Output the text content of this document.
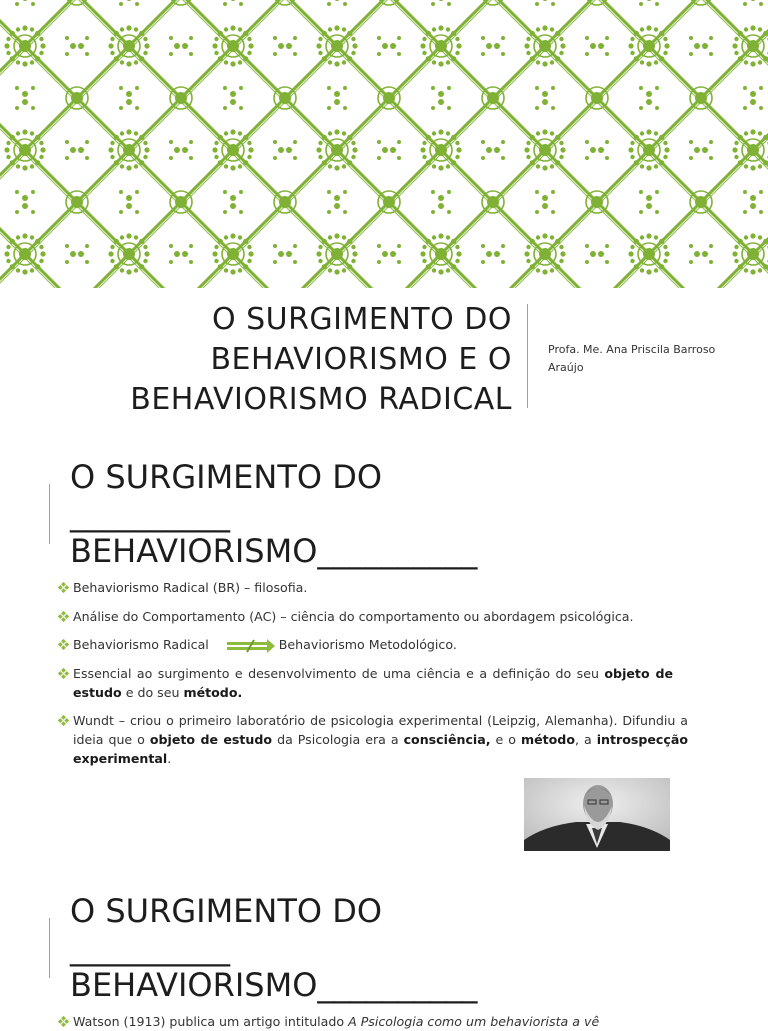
O SURGIMENTO DO
BEHAVIORISMO E O
BEHAVIORISMO RADICAL
Profa. Me. Ana Priscila Barroso
Araújo
O SURGIMENTO DO
__________
BEHAVIORISMO__________
Behaviorismo Radical (BR) – filosofia.
Análise do Comportamento (AC) – ciência do comportamento ou abordagem psicológica.
Behaviorismo Radical	Behaviorismo Metodológico.
Essencial ao surgimento e desenvolvimento de uma ciência e a definição do seu objeto de estudo e do seu método.
Wundt – criou o primeiro laboratório de psicologia experimental (Leipzig, Alemanha). Difundiu a ideia que o objeto de estudo da Psicologia era a consciência, e o método, a introspecção experimental.
O SURGIMENTO DO
__________
BEHAVIORISMO__________
Watson (1913) publica um artigo intitulado A Psicologia como um behaviorista a vê
